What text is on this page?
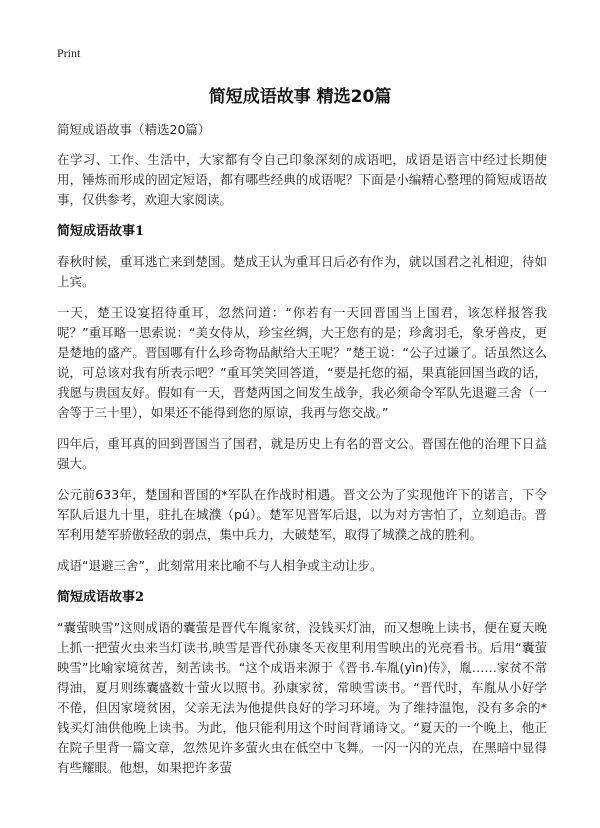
Print
简短成语故事 精选20篇
简短成语故事（精选20篇）

在学习、工作、生活中，大家都有令自己印象深刻的成语吧，成语是语言中经过长期使用，锤炼而形成的固定短语，都有哪些经典的成语呢？下面是小编精心整理的简短成语故事，仅供参考，欢迎大家阅读。

简短成语故事1

春秋时候，重耳逃亡来到楚国。楚成王认为重耳日后必有作为，就以国君之礼相迎，待如上宾。

一天，楚王设宴招待重耳，忽然问道：“你若有一天回晋国当上国君，该怎样报答我呢？”重耳略一思索说：“美女侍从，珍宝丝绸，大王您有的是；珍禽羽毛，象牙兽皮，更是楚地的盛产。晋国哪有什么珍奇物品献给大王呢？”楚王说：“公子过谦了。话虽然这么说，可总该对我有所表示吧？”重耳笑笑回答道，“要是托您的福，果真能回国当政的话，我愿与贵国友好。假如有一天，晋楚两国之间发生战争，我必须命令军队先退避三舍（一舍等于三十里），如果还不能得到您的原谅，我再与您交战。”

四年后，重耳真的回到晋国当了国君，就是历史上有名的晋文公。晋国在他的治理下日益强大。

公元前633年，楚国和晋国的*军队在作战时相遇。晋文公为了实现他许下的诺言，下令军队后退九十里，驻扎在城濮（pú）。楚军见晋军后退，以为对方害怕了，立刻追击。晋军利用楚军骄傲轻敌的弱点，集中兵力，大破楚军，取得了城濮之战的胜利。

成语“退避三舍”，此刻常用来比喻不与人相争或主动让步。

简短成语故事2

“囊萤映雪”这则成语的囊萤是晋代车胤家贫，没钱买灯油，而又想晚上读书，便在夏天晚上抓一把萤火虫来当灯读书,映雪是晋代孙康冬天夜里利用雪映出的光亮看书。后用“囊萤映雪”比喻家境贫苦，刻苦读书。“这个成语来源于《晋书.车胤(yìn)传》，胤……家贫不常得油，夏月则练囊盛数十萤火以照书。孙康家贫，常映雪读书。“晋代时，车胤从小好学不倦，但因家境贫困，父亲无法为他提供良好的学习环境。为了维持温饱，没有多余的*钱买灯油供他晚上读书。为此，他只能利用这个时间背诵诗文。“夏天的一个晚上，他正在院子里背一篇文章，忽然见许多萤火虫在低空中飞舞。一闪一闪的光点，在黑暗中显得有些耀眼。他想，如果把许多萤
